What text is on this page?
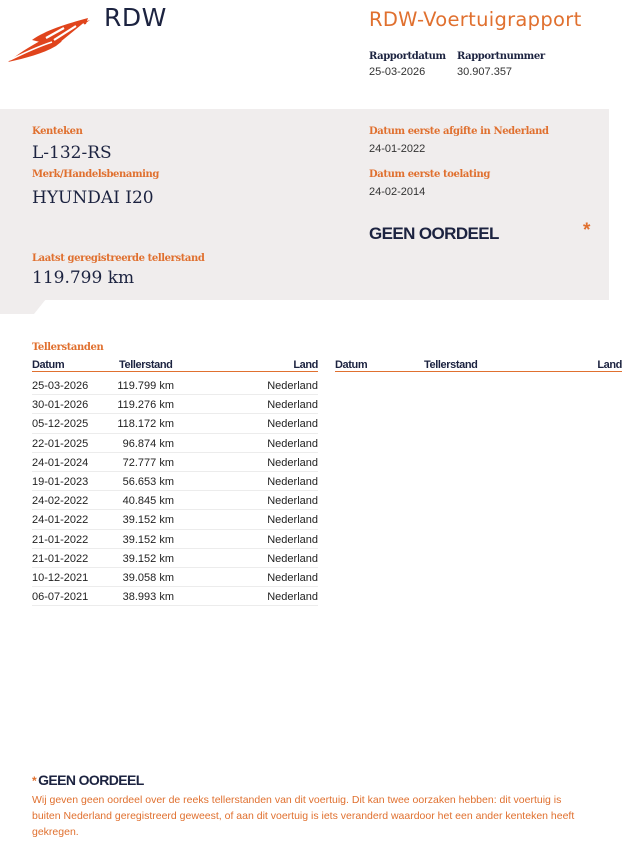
RDW	RDW-Voertuigrapport
Rapportdatum
25-03-2026
Rapportnummer
30.907.357
Kenteken
L-132-RS
Merk/Handelsbenaming
HYUNDAI I20
Laatst geregistreerde tellerstand
119.799 km
Datum eerste afgifte in Nederland
24-01-2022
Datum eerste toelating
24-02-2014
GEEN OORDEEL	*
Tellerstanden
Datum	Tellerstand	Land Datum	Tellerstand	Land
25-03-2026	119.799 km	Nederland
30-01-2026	119.276 km	Nederland
05-12-2025	118.172 km	Nederland
22-01-2025	96.874 km	Nederland
24-01-2024	72.777 km	Nederland
19-01-2023	56.653 km	Nederland
24-02-2022	40.845 km	Nederland
24-01-2022	39.152 km	Nederland
21-01-2022	39.152 km	Nederland
21-01-2022	39.152 km	Nederland
10-12-2021	39.058 km	Nederland
06-07-2021	38.993 km	Nederland
* GEEN OORDEEL
Wij geven geen oordeel over de reeks tellerstanden van dit voertuig. Dit kan twee oorzaken hebben: dit voertuig is buiten Nederland geregistreerd geweest, of aan dit voertuig is iets veranderd waardoor het een ander kenteken heeft gekregen.
